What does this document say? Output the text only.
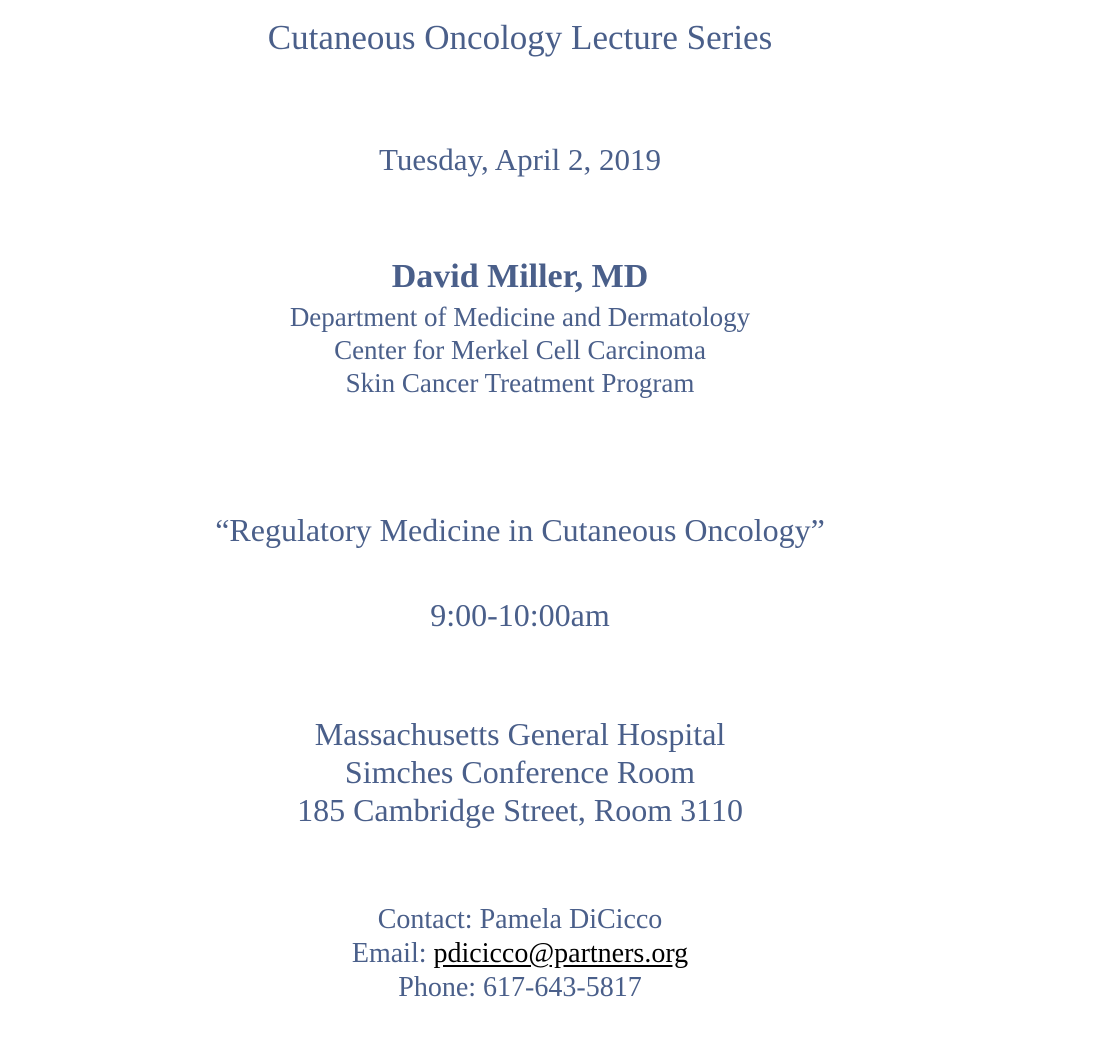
Cutaneous Oncology Lecture Series
Tuesday, April 2, 2019
David Miller, MD
Department of Medicine and Dermatology
Center for Merkel Cell Carcinoma
Skin Cancer Treatment Program
“Regulatory Medicine in Cutaneous Oncology”
9:00-10:00am
Massachusetts General Hospital
Simches Conference Room
185 Cambridge Street, Room 3110
Contact: Pamela DiCicco
Email: pdicicco@partners.org
Phone: 617-643-5817
